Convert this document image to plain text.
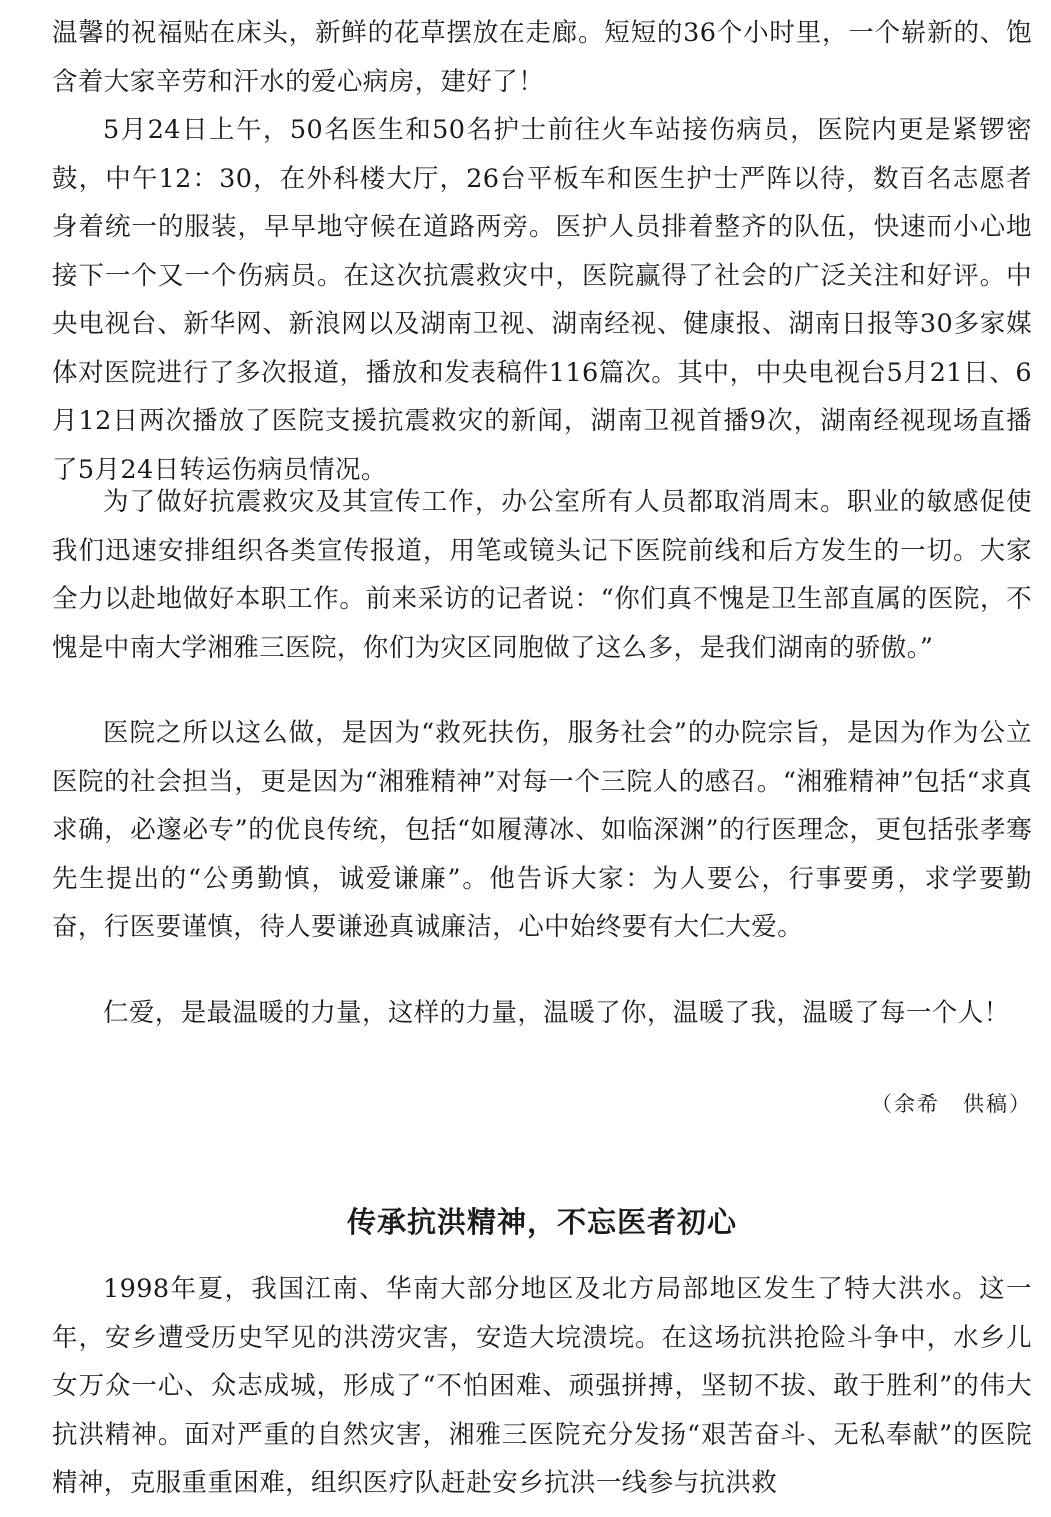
温馨的祝福贴在床头，新鲜的花草摆放在走廊。短短的36个小时里，一个崭新的、饱含着大家辛劳和汗水的爱心病房，建好了！

5月24日上午，50名医生和50名护士前往火车站接伤病员，医院内更是紧锣密鼓，中午12：30，在外科楼大厅，26台平板车和医生护士严阵以待，数百名志愿者身着统一的服装，早早地守候在道路两旁。医护人员排着整齐的队伍，快速而小心地接下一个又一个伤病员。在这次抗震救灾中，医院赢得了社会的广泛关注和好评。中央电视台、新华网、新浪网以及湖南卫视、湖南经视、健康报、湖南日报等30多家媒体对医院进行了多次报道，播放和发表稿件116篇次。其中，中央电视台5月21日、6月12日两次播放了医院支援抗震救灾的新闻，湖南卫视首播9次，湖南经视现场直播了5月24日转运伤病员情况。

为了做好抗震救灾及其宣传工作，办公室所有人员都取消周末。职业的敏感促使我们迅速安排组织各类宣传报道，用笔或镜头记下医院前线和后方发生的一切。大家全力以赴地做好本职工作。前来采访的记者说：“你们真不愧是卫生部直属的医院，不愧是中南大学湘雅三医院，你们为灾区同胞做了这么多，是我们湖南的骄傲。”

医院之所以这么做，是因为“救死扶伤，服务社会”的办院宗旨，是因为作为公立医院的社会担当，更是因为“湘雅精神”对每一个三院人的感召。“湘雅精神”包括“求真求确，必邃必专”的优良传统，包括“如履薄冰、如临深渊”的行医理念，更包括张孝骞先生提出的“公勇勤慎，诚爱谦廉”。他告诉大家：为人要公，行事要勇，求学要勤奋，行医要谨慎，待人要谦逊真诚廉洁，心中始终要有大仁大爱。

仁爱，是最温暖的力量，这样的力量，温暖了你，温暖了我，温暖了每一个人！

（余希　供稿）
传承抗洪精神，不忘医者初心

1998年夏，我国江南、华南大部分地区及北方局部地区发生了特大洪水。这一年，安乡遭受历史罕见的洪涝灾害，安造大垸溃垸。在这场抗洪抢险斗争中，水乡儿女万众一心、众志成城，形成了“不怕困难、顽强拼搏，坚韧不拔、敢于胜利”的伟大抗洪精神。面对严重的自然灾害，湘雅三医院充分发扬“艰苦奋斗、无私奉献”的医院精神，克服重重困难，组织医疗队赶赴安乡抗洪一线参与抗洪救
